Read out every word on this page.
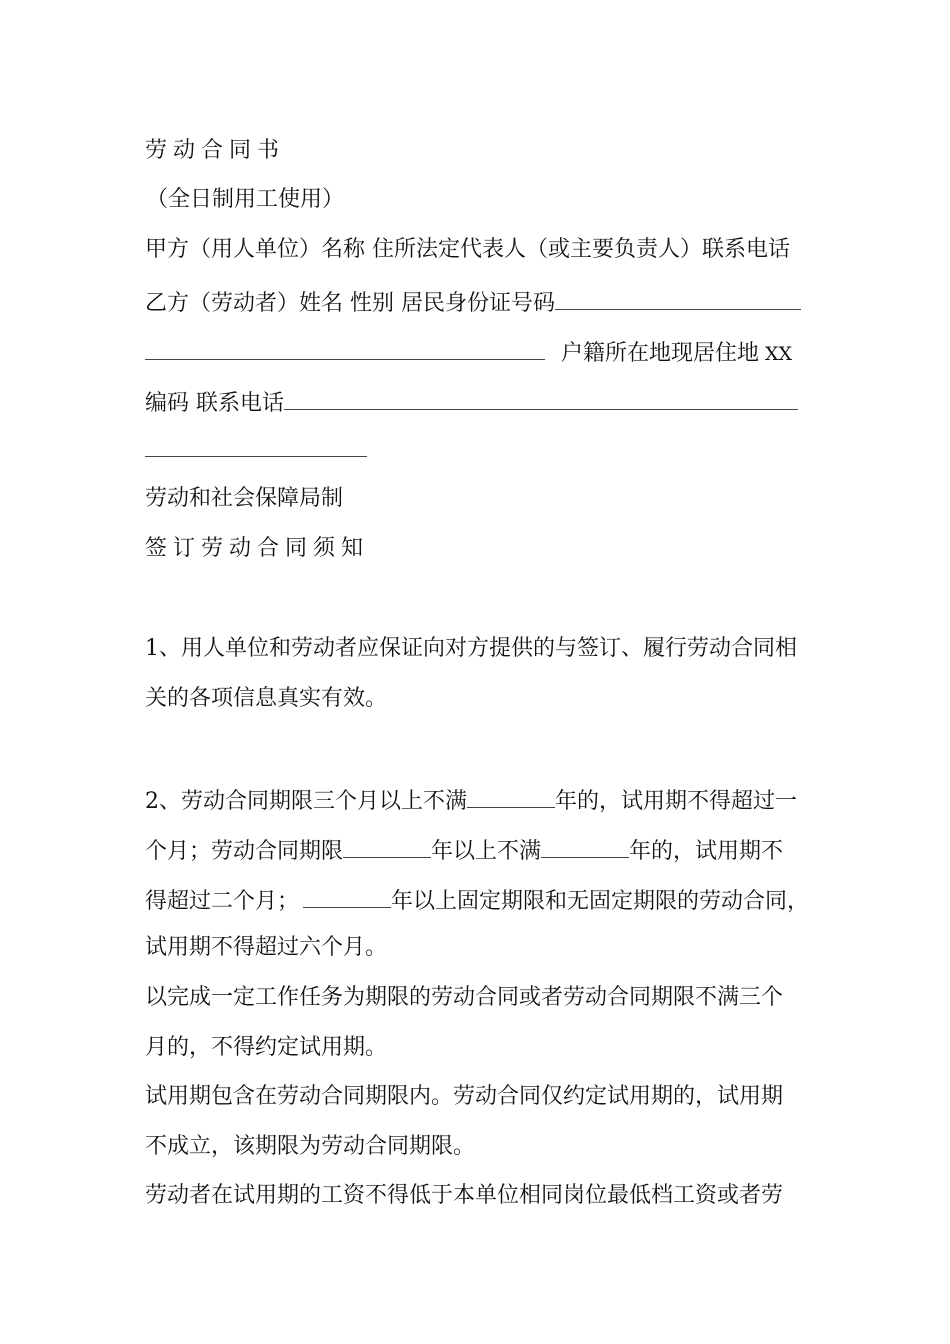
劳动合同书
（全日制用工使用）
甲方（用人单位）名称 住所法定代表人（或主要负责人）联系电话
乙方（劳动者）姓名 性别 居民身份证号码
户籍所在地现居住地 XX
编码 联系电话
劳动和社会保障局制
签订劳动合同须知
1、用人单位和劳动者应保证向对方提供的与签订、履行劳动合同相
关的各项信息真实有效。
2、劳动合同期限三个月以上不满	年的，试用期不得超过一
个月；劳动合同期限	年以上不满	年的，试用期不
得超过二个月；	年以上固定期限和无固定期限的劳动合同，
试用期不得超过六个月。
以完成一定工作任务为期限的劳动合同或者劳动合同期限不满三个
月的，不得约定试用期。
试用期包含在劳动合同期限内。劳动合同仅约定试用期的，试用期
不成立，该期限为劳动合同期限。
劳动者在试用期的工资不得低于本单位相同岗位最低档工资或者劳
